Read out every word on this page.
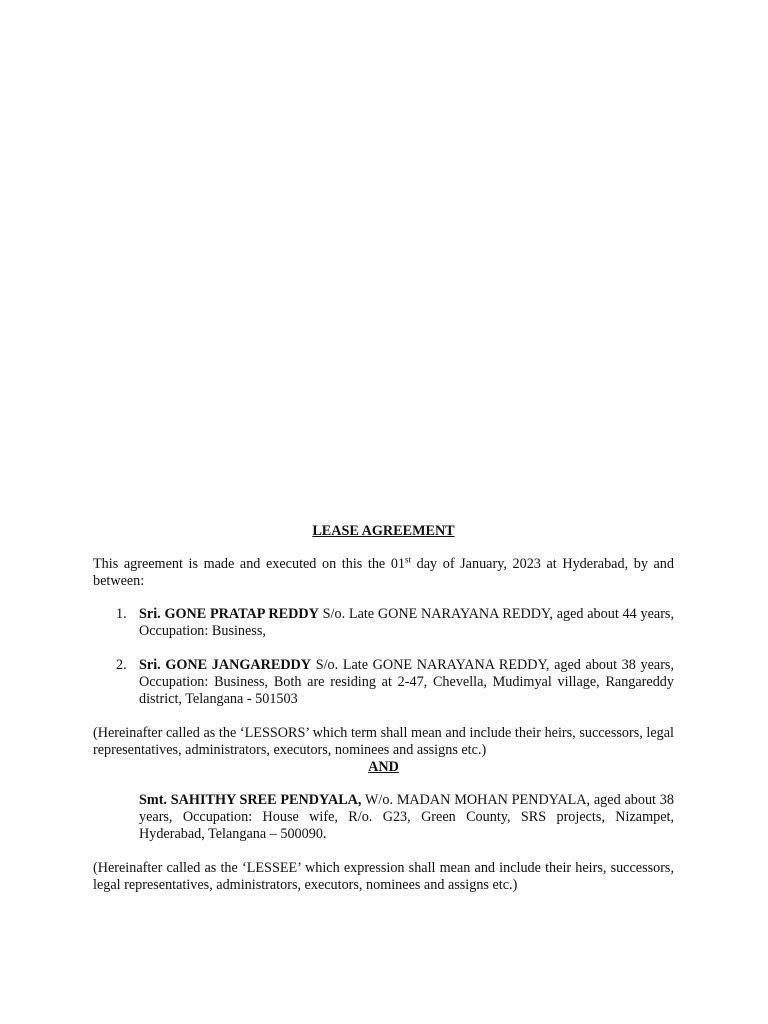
LEASE AGREEMENT

This agreement is made and executed on this the 01st day of January, 2023 at Hyderabad, by and between:

1. Sri. GONE PRATAP REDDY S/o. Late GONE NARAYANA REDDY, aged about 44 years, Occupation: Business,
2. Sri. GONE JANGAREDDY S/o. Late GONE NARAYANA REDDY, aged about 38 years, Occupation: Business, Both are residing at 2-47, Chevella, Mudimyal village, Rangareddy district, Telangana - 501503

(Hereinafter called as the ‘LESSORS’ which term shall mean and include their heirs, successors, legal representatives, administrators, executors, nominees and assigns etc.)

AND

Smt. SAHITHY SREE PENDYALA, W/o. MADAN MOHAN PENDYALA, aged about 38 years, Occupation: House wife, R/o. G23, Green County, SRS projects, Nizampet, Hyderabad, Telangana – 500090.

(Hereinafter called as the ‘LESSEE’ which expression shall mean and include their heirs, successors, legal representatives, administrators, executors, nominees and assigns etc.)
